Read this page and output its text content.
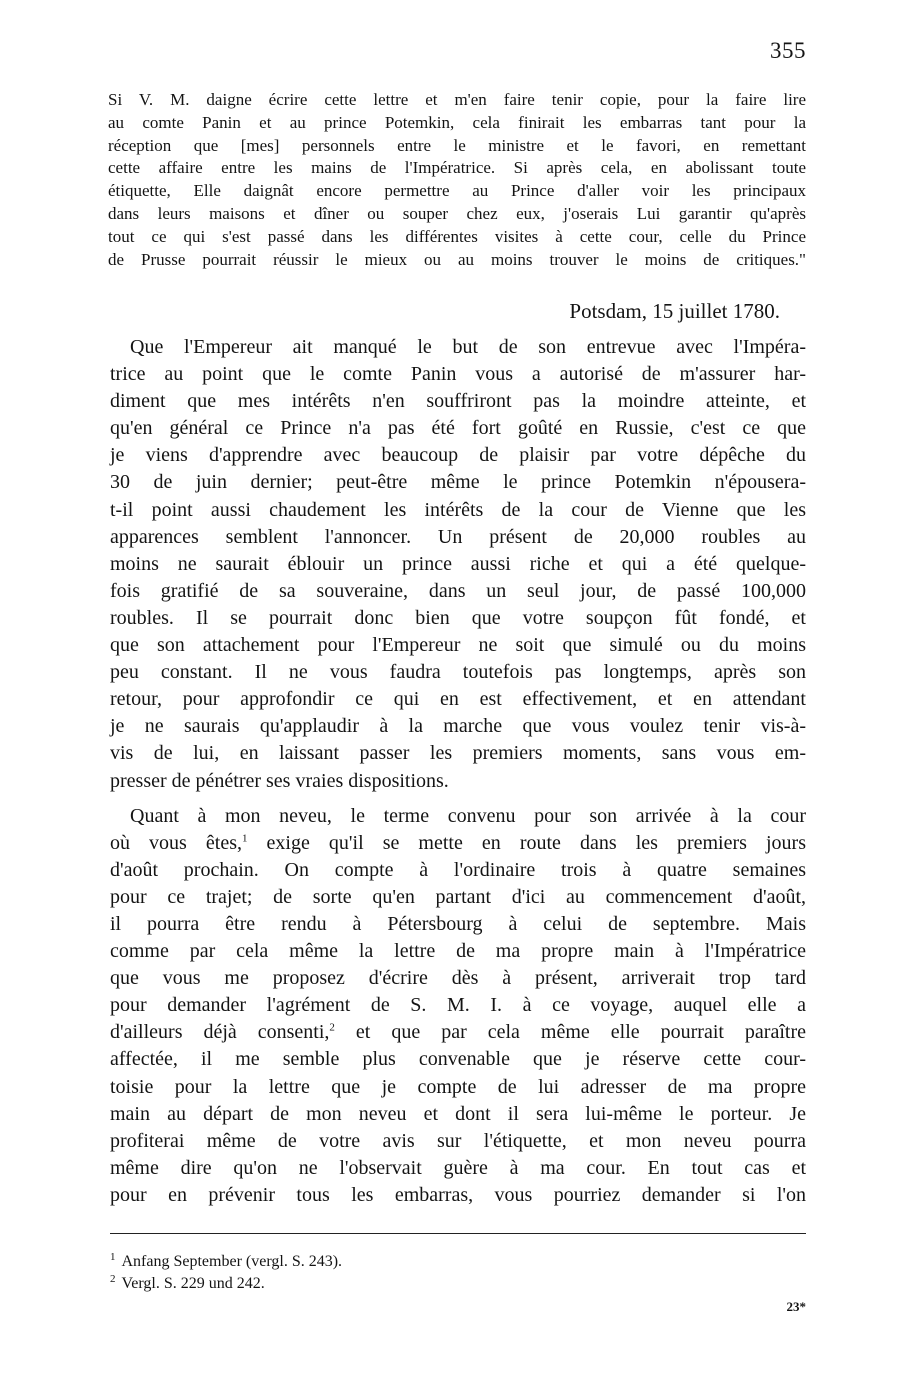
355
Si V. M. daigne écrire cette lettre et m'en faire tenir copie, pour la faire lire
au comte Panin et au prince Potemkin, cela finirait les embarras tant pour la
réception que [mes] personnels entre le ministre et le favori, en remettant
cette affaire entre les mains de l'Impératrice. Si après cela, en abolissant toute
étiquette, Elle daignât encore permettre au Prince d'aller voir les principaux
dans leurs maisons et dîner ou souper chez eux, j'oserais Lui garantir qu'après
tout ce qui s'est passé dans les différentes visites à cette cour, celle du Prince
de Prusse pourrait réussir le mieux ou au moins trouver le moins de critiques."
Potsdam, 15 juillet 1780.
Que l'Empereur ait manqué le but de son entrevue avec l'Impéra-
trice au point que le comte Panin vous a autorisé de m'assurer har-
diment que mes intérêts n'en souffriront pas la moindre atteinte, et
qu'en général ce Prince n'a pas été fort goûté en Russie, c'est ce que
je viens d'apprendre avec beaucoup de plaisir par votre dépêche du
30 de juin dernier; peut-être même le prince Potemkin n'épousera-
t-il point aussi chaudement les intérêts de la cour de Vienne que les
apparences semblent l'annoncer. Un présent de 20,000 roubles au
moins ne saurait éblouir un prince aussi riche et qui a été quelque-
fois gratifié de sa souveraine, dans un seul jour, de passé 100,000
roubles. Il se pourrait donc bien que votre soupçon fût fondé, et
que son attachement pour l'Empereur ne soit que simulé ou du moins
peu constant. Il ne vous faudra toutefois pas longtemps, après son
retour, pour approfondir ce qui en est effectivement, et en attendant
je ne saurais qu'applaudir à la marche que vous voulez tenir vis-à-
vis de lui, en laissant passer les premiers moments, sans vous em-
presser de pénétrer ses vraies dispositions.
Quant à mon neveu, le terme convenu pour son arrivée à la cour
où vous êtes,$^1$ exige qu'il se mette en route dans les premiers jours
d'août prochain. On compte à l'ordinaire trois à quatre semaines
pour ce trajet; de sorte qu'en partant d'ici au commencement d'août,
il pourra être rendu à Pétersbourg à celui de septembre. Mais
comme par cela même la lettre de ma propre main à l'Impératrice
que vous me proposez d'écrire dès à présent, arriverait trop tard
pour demander l'agrément de S. M. I. à ce voyage, auquel elle a
d'ailleurs déjà consenti,$^2$ et que par cela même elle pourrait paraître
affectée, il me semble plus convenable que je réserve cette cour-
toisie pour la lettre que je compte de lui adresser de ma propre
main au départ de mon neveu et dont il sera lui-même le porteur. Je
profiterai même de votre avis sur l'étiquette, et mon neveu pourra
même dire qu'on ne l'observait guère à ma cour. En tout cas et
pour en prévenir tous les embarras, vous pourriez demander si l'on
$^1$ Anfang September (vergl. S. 243).
$^2$ Vergl. S. 229 und 242.
23*
